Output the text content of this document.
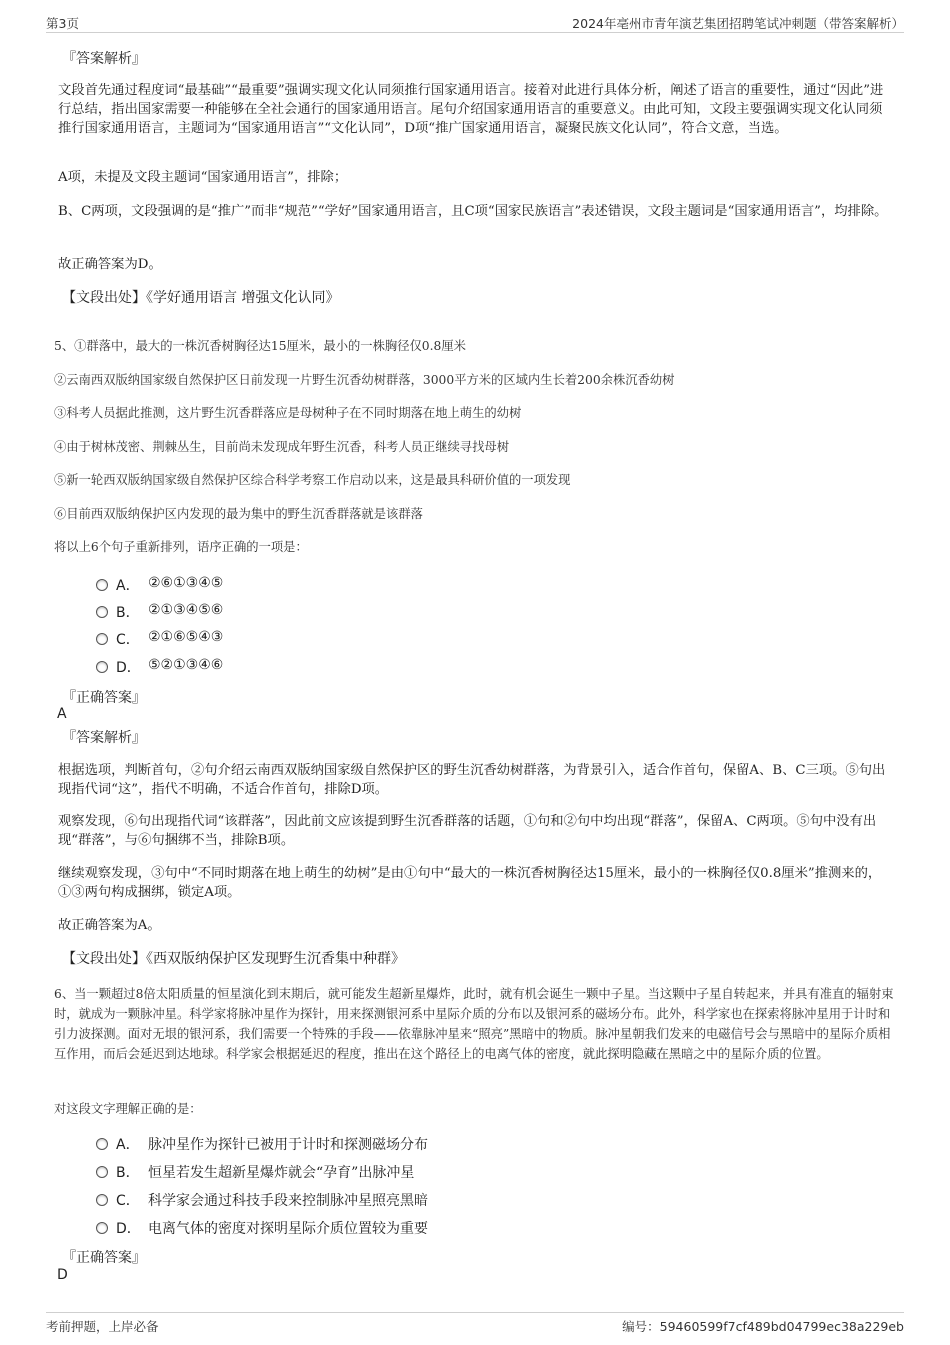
第3页	2024年亳州市青年演艺集团招聘笔试冲刺题（带答案解析）
『答案解析』
文段首先通过程度词“最基础”“最重要”强调实现文化认同须推行国家通用语言。接着对此进行具体分析，阐述了语言的重要性，通过“因此”进行总结，指出国家需要一种能够在全社会通行的国家通用语言。尾句介绍国家通用语言的重要意义。由此可知，文段主要强调实现文化认同须推行国家通用语言，主题词为“国家通用语言”“文化认同”，D项“推广国家通用语言，凝聚民族文化认同”，符合文意，当选。
A项，未提及文段主题词“国家通用语言”，排除；
B、C两项，文段强调的是“推广”而非“规范”“学好”国家通用语言，且C项“国家民族语言”表述错误，文段主题词是“国家通用语言”，均排除。
故正确答案为D。
【文段出处】《学好通用语言 增强文化认同》
5、①群落中，最大的一株沉香树胸径达15厘米，最小的一株胸径仅0.8厘米
②云南西双版纳国家级自然保护区日前发现一片野生沉香幼树群落，3000平方米的区域内生长着200余株沉香幼树
③科考人员据此推测，这片野生沉香群落应是母树种子在不同时期落在地上萌生的幼树
④由于树林茂密、荆棘丛生，目前尚未发现成年野生沉香，科考人员正继续寻找母树
⑤新一轮西双版纳国家级自然保护区综合科学考察工作启动以来，这是最具科研价值的一项发现
⑥目前西双版纳保护区内发现的最为集中的野生沉香群落就是该群落
将以上6个句子重新排列，语序正确的一项是：
A． ②⑥①③④⑤
B． ②①③④⑤⑥
C． ②①⑥⑤④③
D． ⑤②①③④⑥
『正确答案』
A
『答案解析』
根据选项，判断首句，②句介绍云南西双版纳国家级自然保护区的野生沉香幼树群落，为背景引入，适合作首句，保留A、B、C三项。⑤句出现指代词“这”，指代不明确，不适合作首句，排除D项。
观察发现，⑥句出现指代词“该群落”，因此前文应该提到野生沉香群落的话题，①句和②句中均出现“群落”，保留A、C两项。⑤句中没有出现“群落”，与⑥句捆绑不当，排除B项。
继续观察发现，③句中“不同时期落在地上萌生的幼树”是由①句中“最大的一株沉香树胸径达15厘米，最小的一株胸径仅0.8厘米”推测来的，①③两句构成捆绑，锁定A项。
故正确答案为A。
【文段出处】《西双版纳保护区发现野生沉香集中种群》
6、当一颗超过8倍太阳质量的恒星演化到末期后，就可能发生超新星爆炸，此时，就有机会诞生一颗中子星。当这颗中子星自转起来，并具有准直的辐射束时，就成为一颗脉冲星。科学家将脉冲星作为探针，用来探测银河系中星际介质的分布以及银河系的磁场分布。此外，科学家也在探索将脉冲星用于计时和引力波探测。面对无垠的银河系，我们需要一个特殊的手段——依靠脉冲星来“照亮”黑暗中的物质。脉冲星朝我们发来的电磁信号会与黑暗中的星际介质相互作用，而后会延迟到达地球。科学家会根据延迟的程度，推出在这个路径上的电离气体的密度，就此探明隐藏在黑暗之中的星际介质的位置。
对这段文字理解正确的是：
A． 脉冲星作为探针已被用于计时和探测磁场分布
B． 恒星若发生超新星爆炸就会“孕育”出脉冲星
C． 科学家会通过科技手段来控制脉冲星照亮黑暗
D． 电离气体的密度对探明星际介质位置较为重要
『正确答案』
D
考前押题，上岸必备	编号：59460599f7cf489bd04799ec38a229eb
